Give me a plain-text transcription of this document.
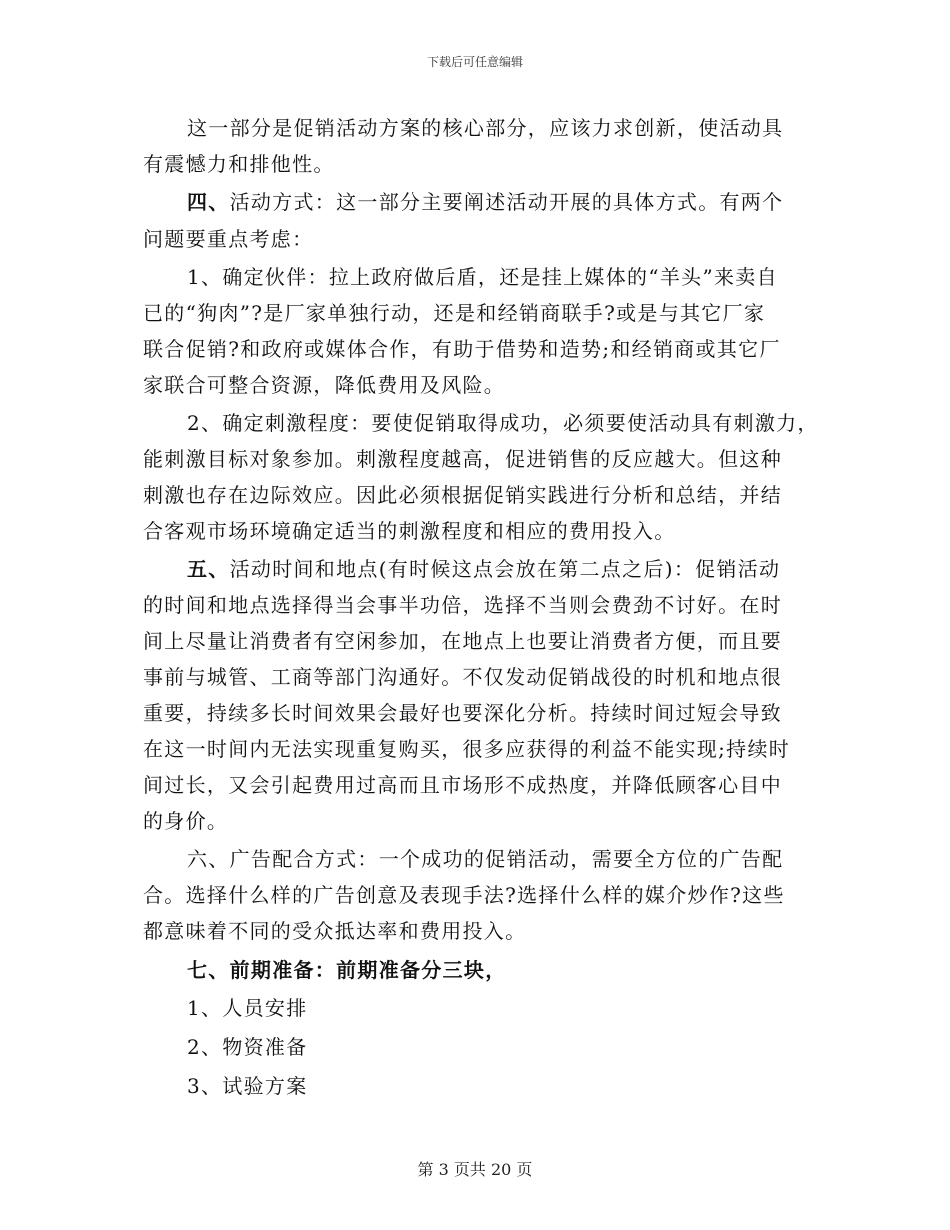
下载后可任意编辑
这一部分是促销活动方案的核心部分，应该力求创新，使活动具
有震憾力和排他性。
四、活动方式：这一部分主要阐述活动开展的具体方式。有两个
问题要重点考虑：
1、确定伙伴：拉上政府做后盾，还是挂上媒体的“羊头”来卖自
已的“狗肉”?是厂家单独行动，还是和经销商联手?或是与其它厂家
联合促销?和政府或媒体合作，有助于借势和造势;和经销商或其它厂
家联合可整合资源，降低费用及风险。
2、确定刺激程度：要使促销取得成功，必须要使活动具有刺激力，
能刺激目标对象参加。刺激程度越高，促进销售的反应越大。但这种
刺激也存在边际效应。因此必须根据促销实践进行分析和总结，并结
合客观市场环境确定适当的刺激程度和相应的费用投入。
五、活动时间和地点(有时候这点会放在第二点之后)：促销活动
的时间和地点选择得当会事半功倍，选择不当则会费劲不讨好。在时
间上尽量让消费者有空闲参加，在地点上也要让消费者方便，而且要
事前与城管、工商等部门沟通好。不仅发动促销战役的时机和地点很
重要，持续多长时间效果会最好也要深化分析。持续时间过短会导致
在这一时间内无法实现重复购买，很多应获得的利益不能实现;持续时
间过长，又会引起费用过高而且市场形不成热度，并降低顾客心目中
的身价。
六、广告配合方式：一个成功的促销活动，需要全方位的广告配
合。选择什么样的广告创意及表现手法?选择什么样的媒介炒作?这些
都意味着不同的受众抵达率和费用投入。
七、前期准备：前期准备分三块，
1、人员安排
2、物资准备
3、试验方案
第 3 页共 20 页
